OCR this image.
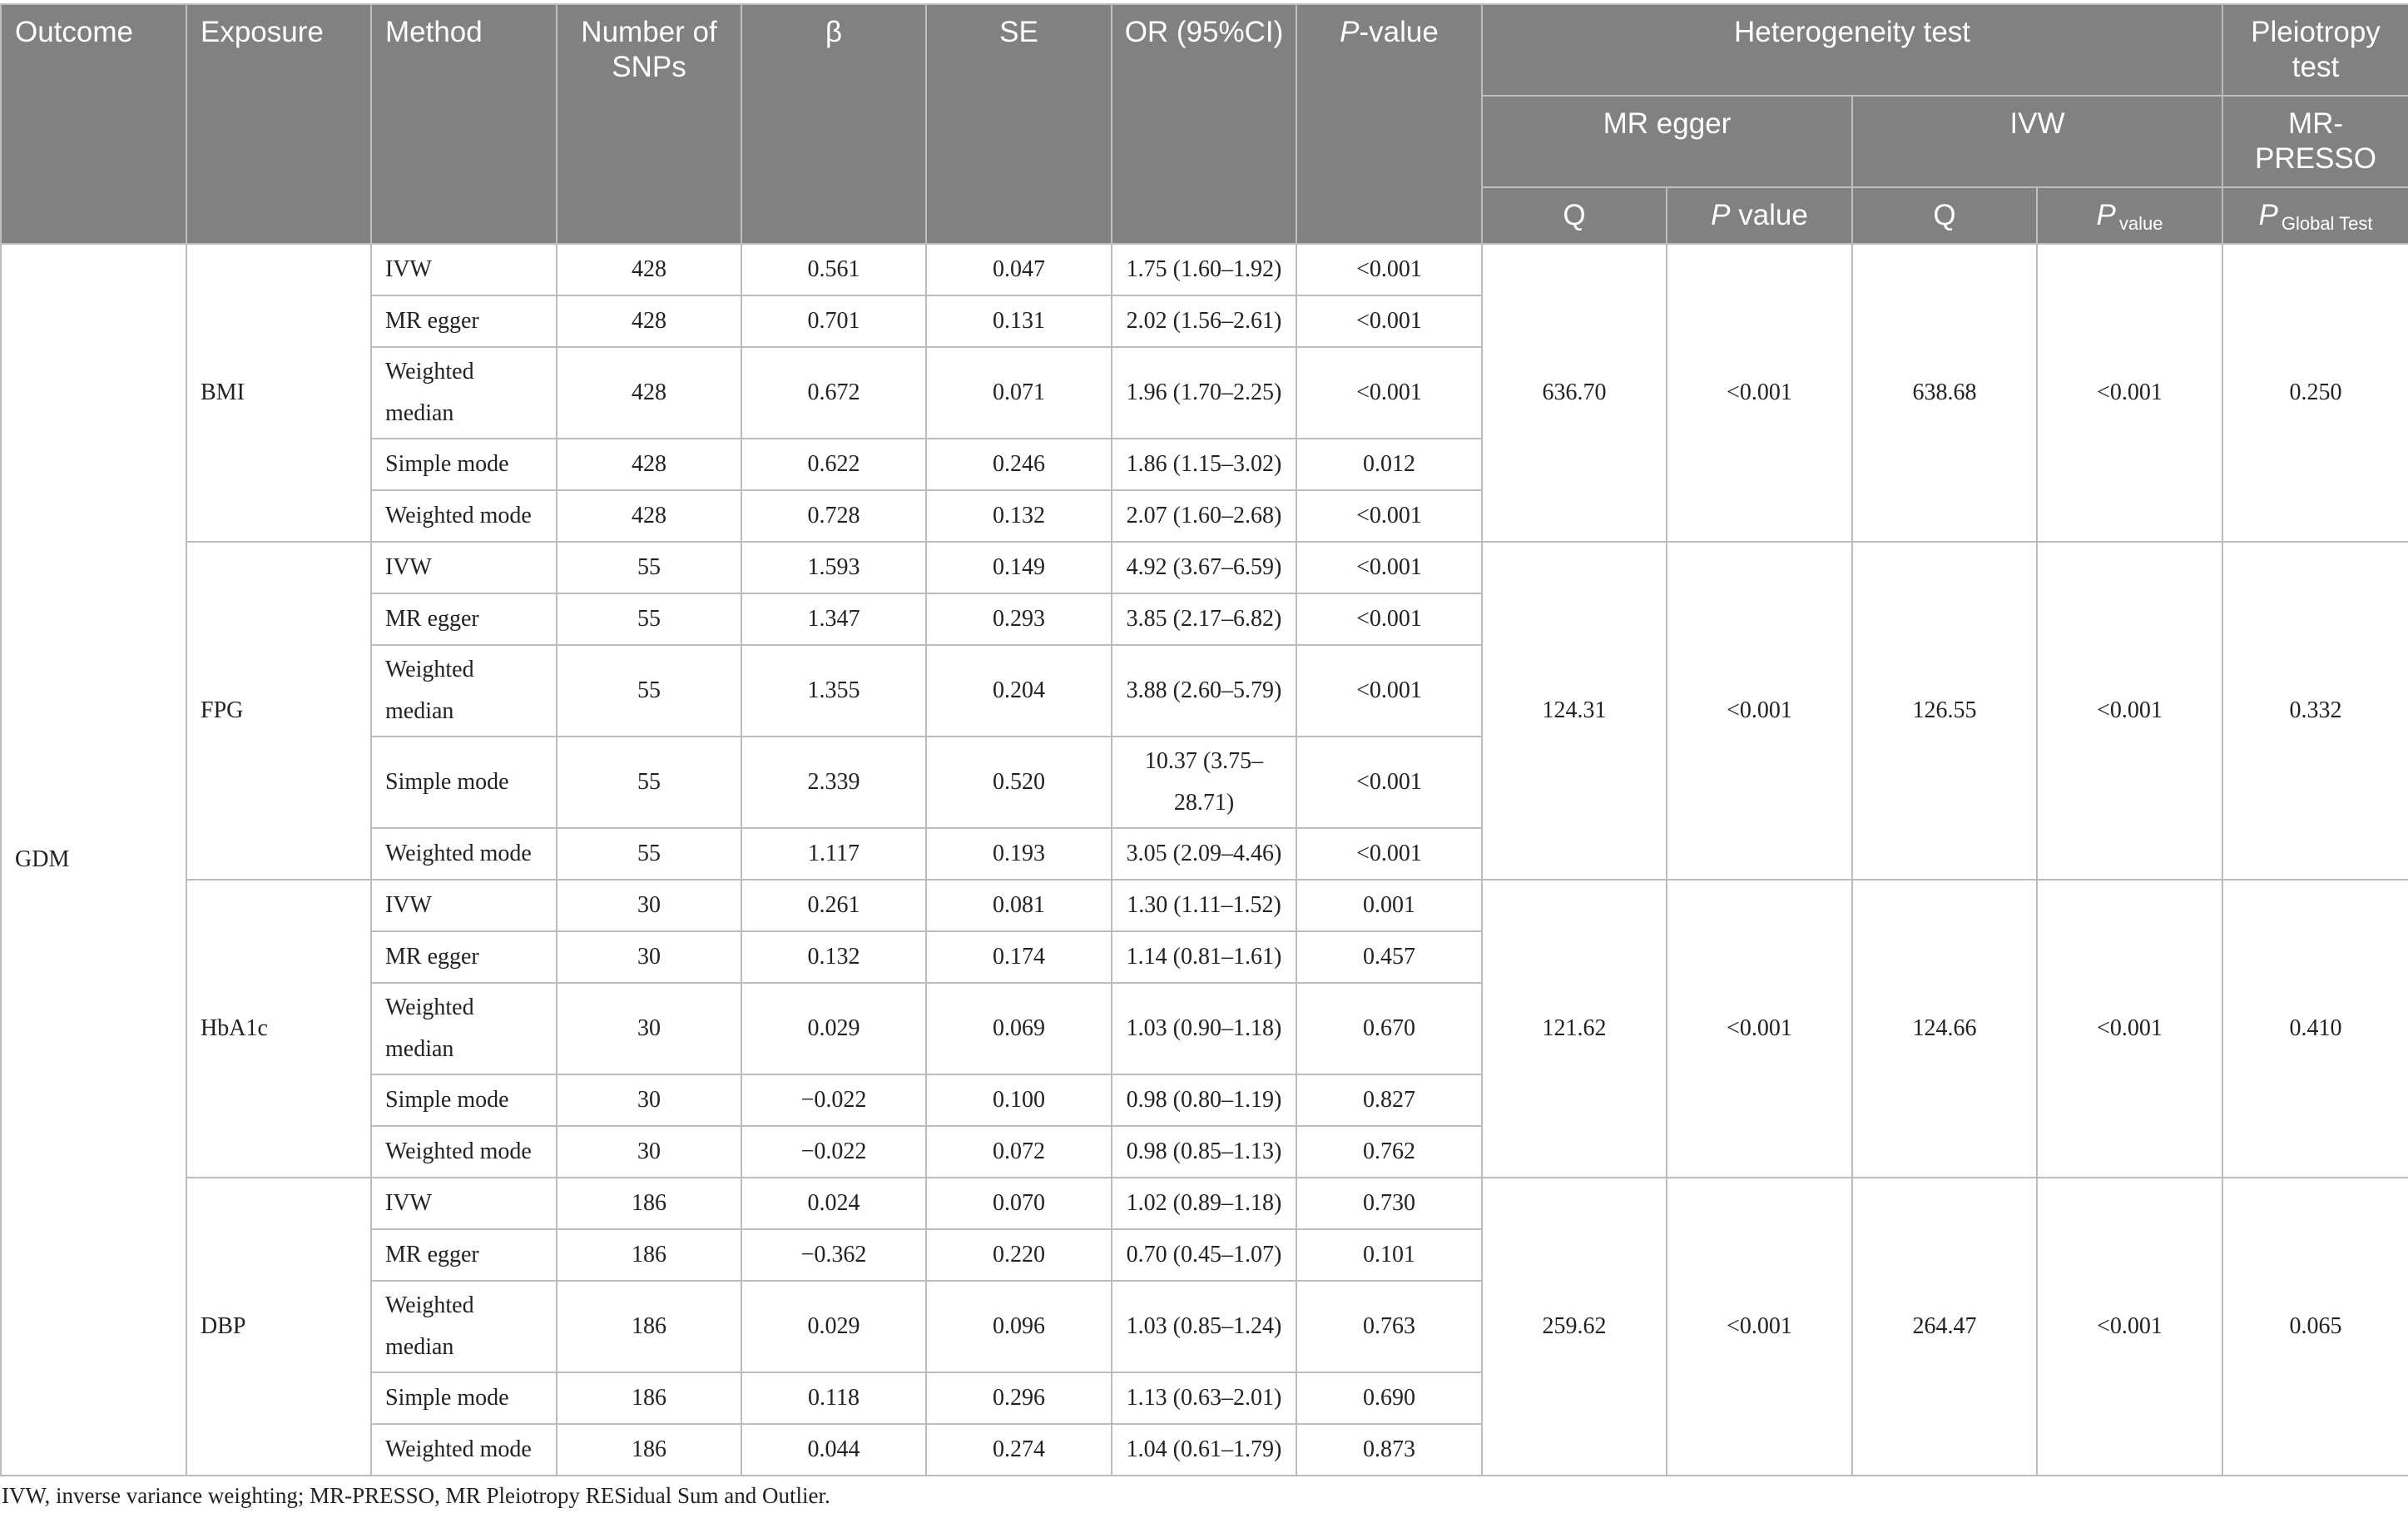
Outcome	Exposure	Method	Number of SNPs	β	SE	OR (95%CI)	P-value	Heterogeneity test				Pleiotropy test
								MR egger		IVW		MR-PRESSO
								Q	P value	Q	P $_{value}$	P $_{Global Test}$
GDM	BMI	IVW	428	0.561	0.047	1.75 (1.60–1.92)	<0.001	636.70	<0.001	638.68	<0.001	0.250
		MR egger	428	0.701	0.131	2.02 (1.56–2.61)	<0.001					
		Weighted median	428	0.672	0.071	1.96 (1.70–2.25)	<0.001					
		Simple mode	428	0.622	0.246	1.86 (1.15–3.02)	0.012					
		Weighted mode	428	0.728	0.132	2.07 (1.60–2.68)	<0.001					
	FPG	IVW	55	1.593	0.149	4.92 (3.67–6.59)	<0.001	124.31	<0.001	126.55	<0.001	0.332
		MR egger	55	1.347	0.293	3.85 (2.17–6.82)	<0.001					
		Weighted median	55	1.355	0.204	3.88 (2.60–5.79)	<0.001					
		Simple mode	55	2.339	0.520	10.37 (3.75–28.71)	<0.001					
		Weighted mode	55	1.117	0.193	3.05 (2.09–4.46)	<0.001					
	HbA1c	IVW	30	0.261	0.081	1.30 (1.11–1.52)	0.001	121.62	<0.001	124.66	<0.001	0.410
		MR egger	30	0.132	0.174	1.14 (0.81–1.61)	0.457					
		Weighted median	30	0.029	0.069	1.03 (0.90–1.18)	0.670					
		Simple mode	30	−0.022	0.100	0.98 (0.80–1.19)	0.827					
		Weighted mode	30	−0.022	0.072	0.98 (0.85–1.13)	0.762					
	DBP	IVW	186	0.024	0.070	1.02 (0.89–1.18)	0.730	259.62	<0.001	264.47	<0.001	0.065
		MR egger	186	−0.362	0.220	0.70 (0.45–1.07)	0.101					
		Weighted median	186	0.029	0.096	1.03 (0.85–1.24)	0.763					
		Simple mode	186	0.118	0.296	1.13 (0.63–2.01)	0.690					
		Weighted mode	186	0.044	0.274	1.04 (0.61–1.79)	0.873					
IVW, inverse variance weighting; MR-PRESSO, MR Pleiotropy RESidual Sum and Outlier.
